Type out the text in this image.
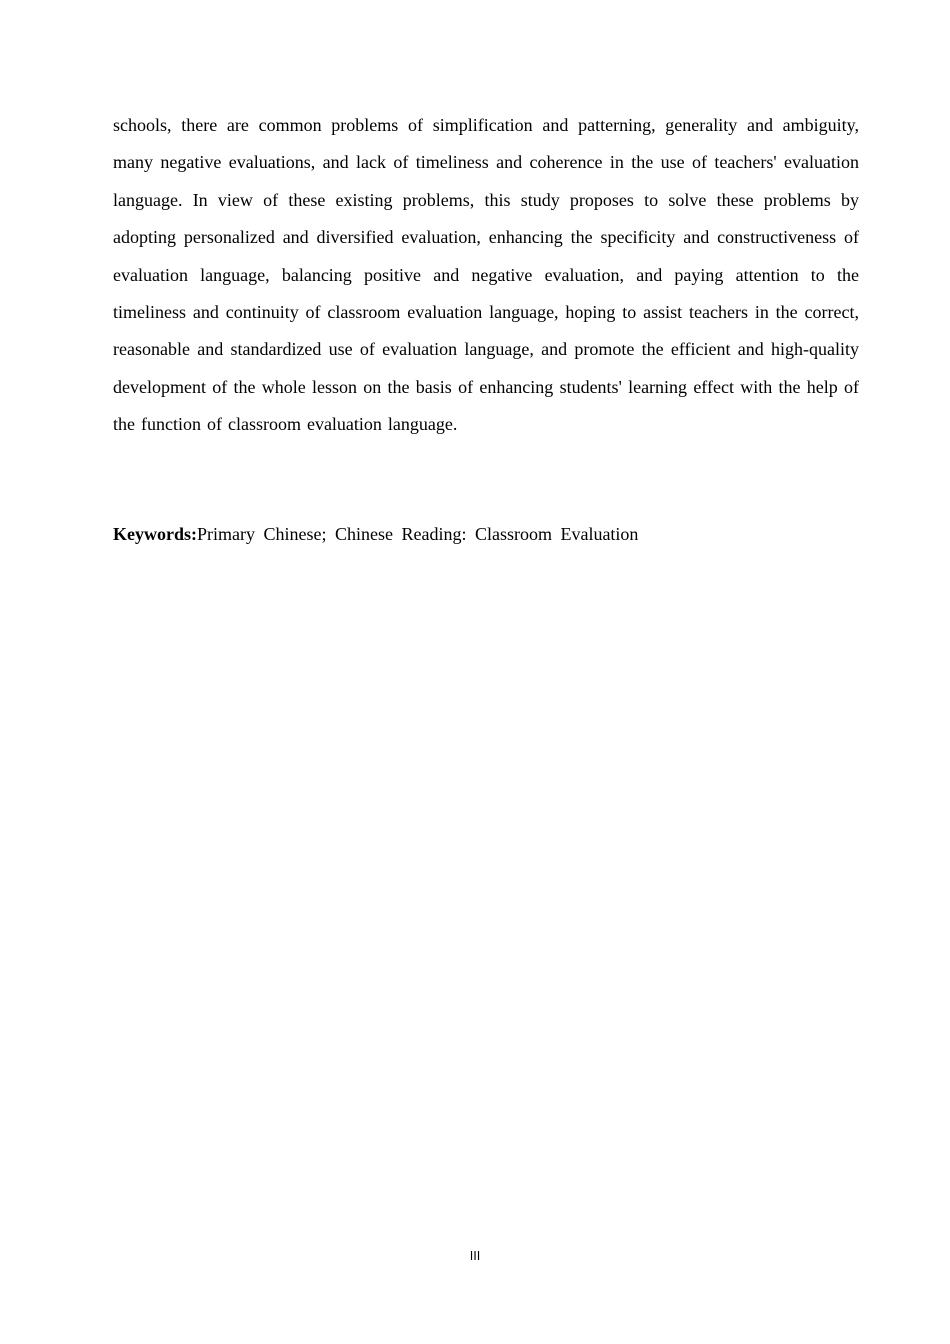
schools, there are common problems of simplification and patterning, generality and ambiguity, many negative evaluations, and lack of timeliness and coherence in the use of teachers' evaluation language. In view of these existing problems, this study proposes to solve these problems by adopting personalized and diversified evaluation, enhancing the specificity and constructiveness of evaluation language, balancing positive and negative evaluation, and paying attention to the timeliness and continuity of classroom evaluation language, hoping to assist teachers in the correct, reasonable and standardized use of evaluation language, and promote the efficient and high-quality development of the whole lesson on the basis of enhancing students' learning effect with the help of the function of classroom evaluation language.

Keywords:Primary Chinese; Chinese Reading: Classroom Evaluation

III
